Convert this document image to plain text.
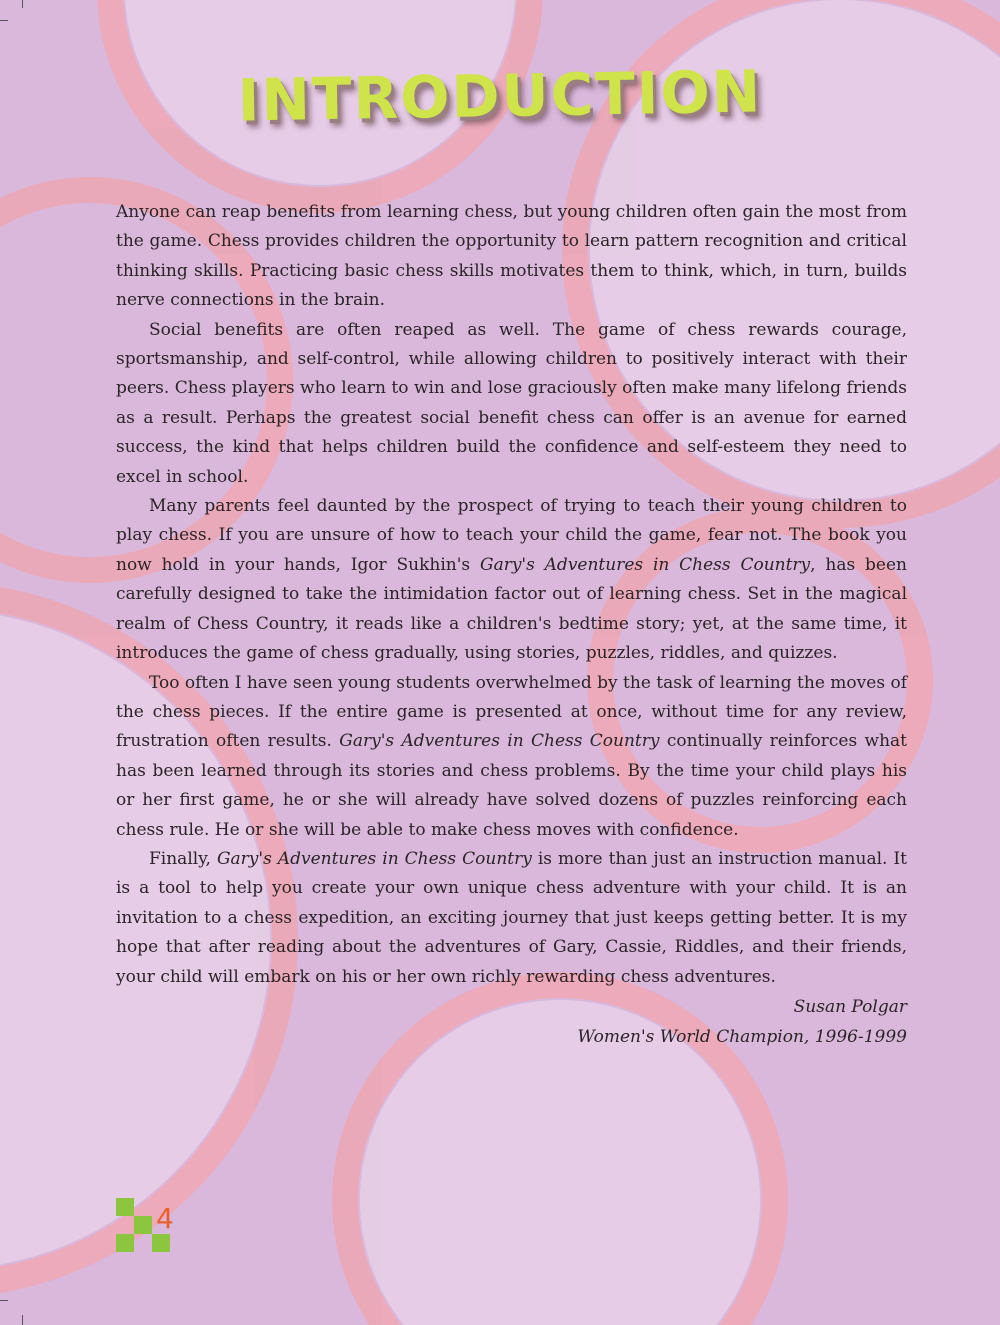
INTRODUCTION

Anyone can reap benefits from learning chess, but young children often gain the most from the game. Chess provides children the opportunity to learn pattern recognition and critical thinking skills. Practicing basic chess skills motivates them to think, which, in turn, builds nerve connections in the brain.

Social benefits are often reaped as well. The game of chess rewards courage, sportsmanship, and self-control, while allowing children to positively interact with their peers. Chess players who learn to win and lose graciously often make many lifelong friends as a result. Perhaps the greatest social benefit chess can offer is an avenue for earned success, the kind that helps children build the confidence and self-esteem they need to excel in school.

Many parents feel daunted by the prospect of trying to teach their young children to play chess. If you are unsure of how to teach your child the game, fear not. The book you now hold in your hands, Igor Sukhin's Gary's Adventures in Chess Country, has been carefully designed to take the intimidation factor out of learning chess. Set in the magical realm of Chess Country, it reads like a children's bedtime story; yet, at the same time, it introduces the game of chess gradually, using stories, puzzles, riddles, and quizzes.

Too often I have seen young students overwhelmed by the task of learning the moves of the chess pieces. If the entire game is presented at once, without time for any review, frustration often results. Gary's Adventures in Chess Country continually reinforces what has been learned through its stories and chess problems. By the time your child plays his or her first game, he or she will already have solved dozens of puzzles reinforcing each chess rule. He or she will be able to make chess moves with confidence.

Finally, Gary's Adventures in Chess Country is more than just an instruction manual. It is a tool to help you create your own unique chess adventure with your child. It is an invitation to a chess expedition, an exciting journey that just keeps getting better. It is my hope that after reading about the adventures of Gary, Cassie, Riddles, and their friends, your child will embark on his or her own richly rewarding chess adventures.

Susan Polgar
Women's World Champion, 1996-1999
4
